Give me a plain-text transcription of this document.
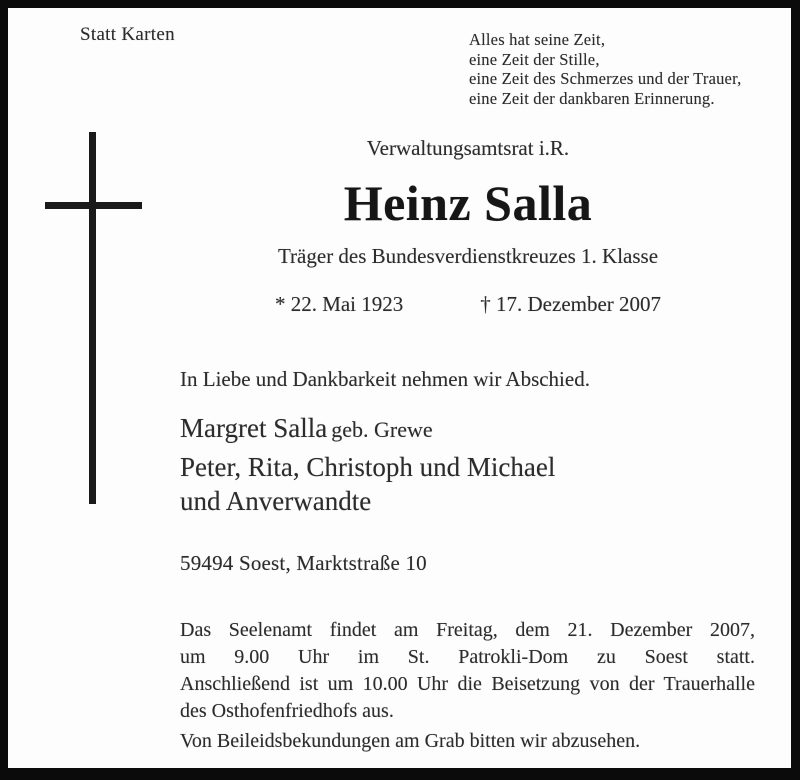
Statt Karten	Alles hat seine Zeit,
eine Zeit der Stille,
eine Zeit des Schmerzes und der Trauer,
eine Zeit der dankbaren Erinnerung.
Verwaltungsamtsrat i.R.
Heinz Salla
Träger des Bundesverdienstkreuzes 1. Klasse
* 22. Mai 1923	† 17. Dezember 2007
In Liebe und Dankbarkeit nehmen wir Abschied.
Margret Salla geb. Grewe
Peter, Rita, Christoph und Michael
und Anverwandte
59494 Soest, Marktstraße 10
Das Seelenamt findet am Freitag, dem 21. Dezember 2007,
um 9.00 Uhr im St. Patrokli-Dom zu Soest statt.
Anschließend ist um 10.00 Uhr die Beisetzung von der Trauerhalle
des Osthofenfriedhofs aus.
Von Beileidsbekundungen am Grab bitten wir abzusehen.
